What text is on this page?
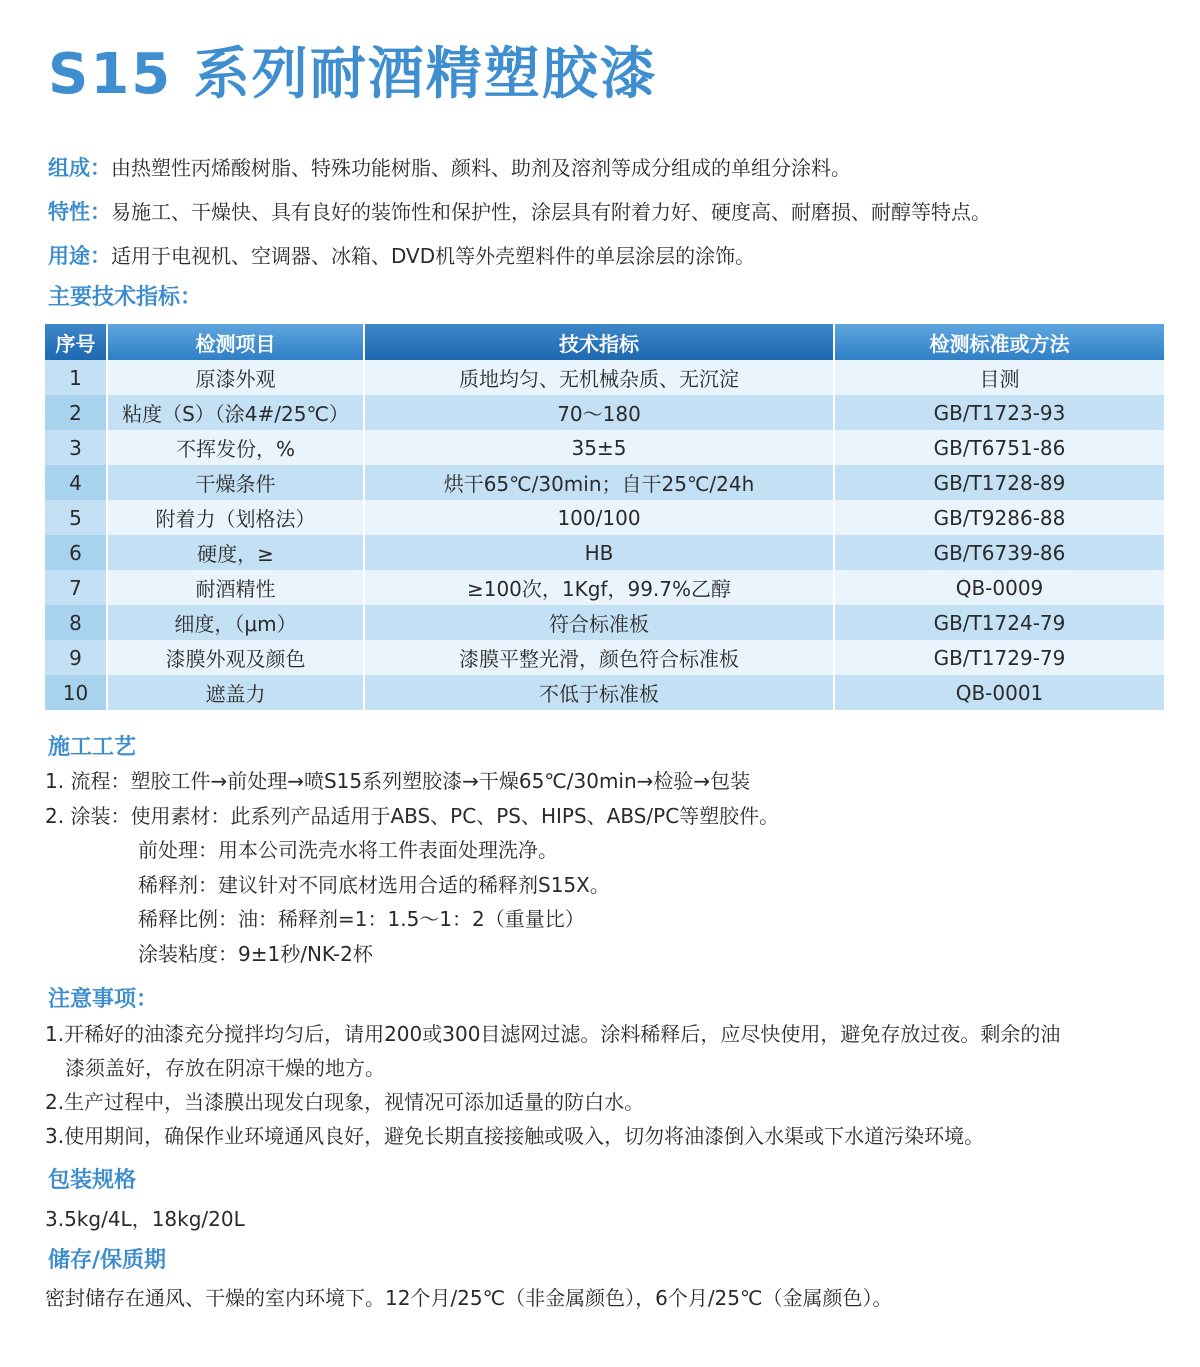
S15 系列耐酒精塑胶漆
组成：由热塑性丙烯酸树脂、特殊功能树脂、颜料、助剂及溶剂等成分组成的单组分涂料。
特性：易施工、干燥快、具有良好的装饰性和保护性，涂层具有附着力好、硬度高、耐磨损、耐醇等特点。
用途：适用于电视机、空调器、冰箱、DVD机等外壳塑料件的单层涂层的涂饰。
主要技术指标：
序号	检测项目	技术指标	检测标准或方法
1	原漆外观	质地均匀、无机械杂质、无沉淀	目测
2	粘度（S）（涂4#/25℃）	70～180	GB/T1723-93
3	不挥发份，%	35±5	GB/T6751-86
4	干燥条件	烘干65℃/30min；自干25℃/24h	GB/T1728-89
5	附着力（划格法）	100/100	GB/T9286-88
6	硬度，≥	HB	GB/T6739-86
7	耐酒精性	≥100次，1Kgf，99.7%乙醇	QB-0009
8	细度，（μm）	符合标准板	GB/T1724-79
9	漆膜外观及颜色	漆膜平整光滑，颜色符合标准板	GB/T1729-79
10	遮盖力	不低于标准板	QB-0001
施工工艺
1. 流程：塑胶工件→前处理→喷S15系列塑胶漆→干燥65℃/30min→检验→包装
2. 涂装：使用素材：此系列产品适用于ABS、PC、PS、HIPS、ABS/PC等塑胶件。
前处理：用本公司洗壳水将工件表面处理洗净。
稀释剂：建议针对不同底材选用合适的稀释剂S15X。
稀释比例：油：稀释剂=1：1.5～1：2（重量比）
涂装粘度：9±1秒/NK-2杯
注意事项：
1.开稀好的油漆充分搅拌均匀后，请用200或300目滤网过滤。涂料稀释后，应尽快使用，避免存放过夜。剩余的油
漆须盖好，存放在阴凉干燥的地方。
2.生产过程中，当漆膜出现发白现象，视情况可添加适量的防白水。
3.使用期间，确保作业环境通风良好，避免长期直接接触或吸入，切勿将油漆倒入水渠或下水道污染环境。
包装规格
3.5kg/4L，18kg/20L
储存/保质期
密封储存在通风、干燥的室内环境下。12个月/25℃（非金属颜色），6个月/25℃（金属颜色）。
